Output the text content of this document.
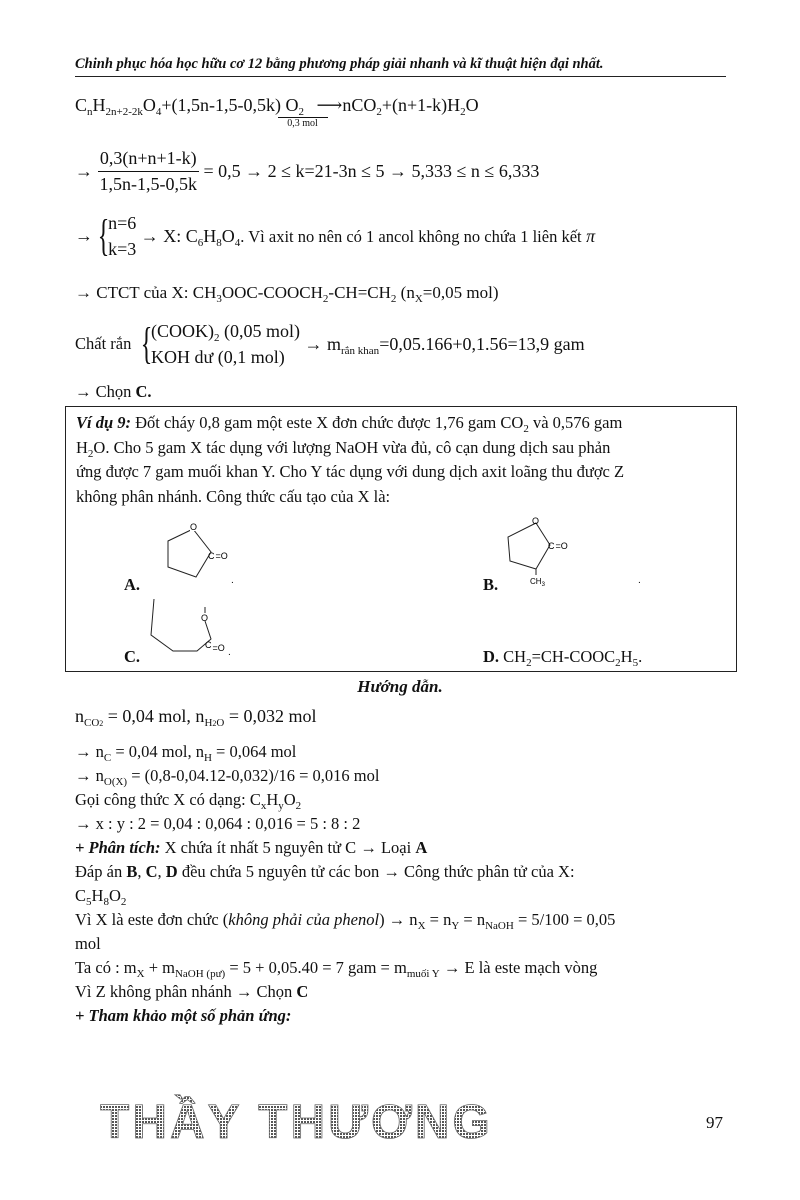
Chinh phục hóa học hữu cơ 12 bằng phương pháp giải nhanh và kĩ thuật hiện đại nhất.
$C_nH_{2n+2-2k}O_4+(1,5n-1,5-0,5k)$ $O_2$
0,3 mol
$⟶nCO_2+(n+1-k)H_2O$
→ $\frac{0,3(n+n+1-k)}{1,5n-1,5-0,5k} = 0,5 \to 2 \le k=21-3n \le 5 \to 5,333 \le n \le 6,333$
→ {
n=6
k=3
→ X: $C_6H_8O_4$. Vì axit no nên có 1 ancol không no chứa 1 liên kết π
→ CTCT của X: $CH_3OOC-COOCH_2-CH=CH_2$ ($n_X=0,05$ mol)
Chất rắn {
$(COOK)_2$ (0,05 mol)
KOH dư (0,1 mol)
→ $m_{rắn khan}=0,05.166+0,1.56=13,9$ gam
→ Chọn C.
Ví dụ 9: Đốt cháy 0,8 gam một este X đơn chức được 1,76 gam $CO_2$ và 0,576 gam
$H_2O$. Cho 5 gam X tác dụng với lượng NaOH vừa đủ, cô cạn dung dịch sau phản
ứng được 7 gam muối khan Y. Cho Y tác dụng với dung dịch axit loãng thu được Z
không phân nhánh. Công thức cấu tạo của X là:
A.
O
C=O
.	B.
O
C=O
$CH_3$	.
C.
O
C=O .	D. $CH_2=CH-COOC_2H_5$.
Hướng dẫn.
$n_{CO2} = 0,04$ mol, $n_{H2O} = 0,032$ mol
→ $n_C = 0,04$ mol, $n_H = 0,064$ mol
→ $n_{O(X)} = (0,8-0,04.12-0,032)/16 = 0,016$ mol
Gọi công thức X có dạng: $C_xH_yO_2$
→ x : y : 2 = 0,04 : 0,064 : 0,016 = 5 : 8 : 2
+ Phân tích: X chứa ít nhất 5 nguyên tử C → Loại A
Đáp án B, C, D đều chứa 5 nguyên tử các bon → Công thức phân tử của X:
$C_5H_8O_2$
Vì X là este đơn chức (không phải của phenol) → $n_X = n_Y = n_{NaOH} = 5/100 = 0,05$
mol
Ta có : $m_X + m_{NaOH (pư)} = 5 + 0,05.40 = 7$ gam = $m_{muối Y} \to E$ là este mạch vòng
Vì Z không phân nhánh → Chọn C
+ Tham khảo một số phản ứng:
THẦY THƯƠNG	97
